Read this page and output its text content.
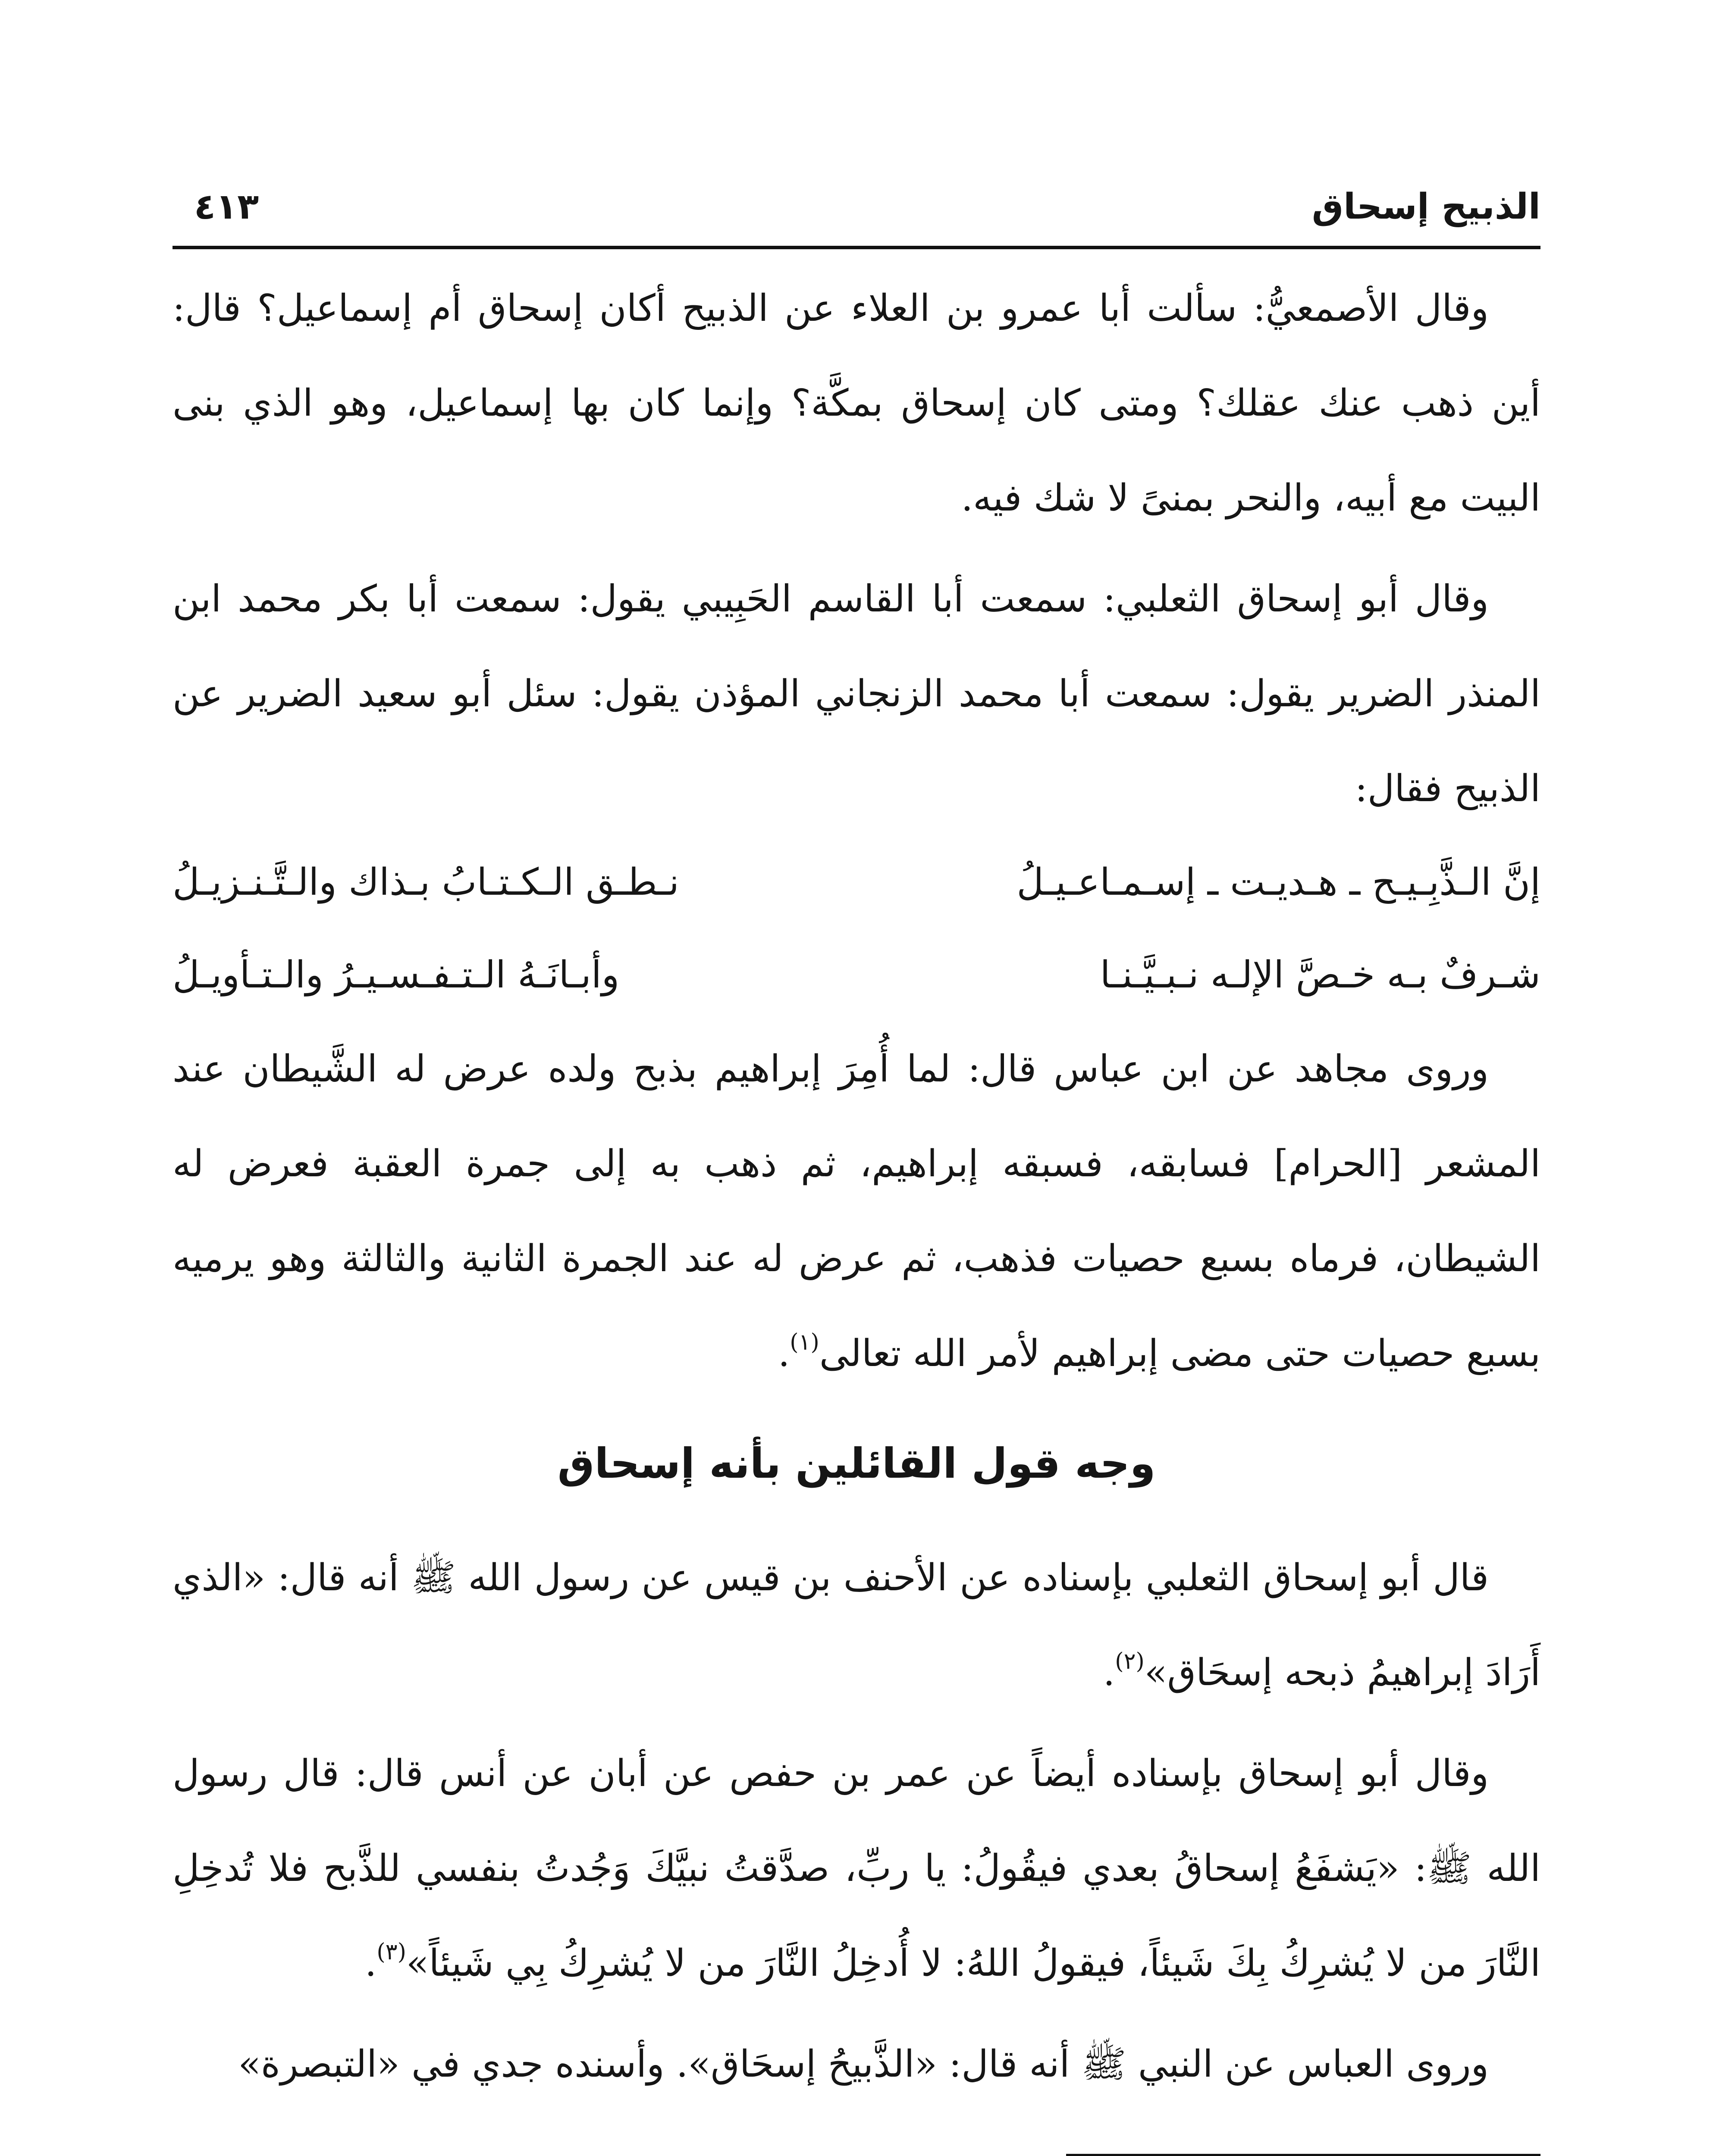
الذبيح إسحاق
٤١٣

وقال الأصمعيُّ: سألت أبا عمرو بن العلاء عن الذبيح أكان إسحاق أم إسماعيل؟ قال: أين ذهب عنك عقلك؟ ومتى كان إسحاق بمكَّة؟ وإنما كان بها إسماعيل، وهو الذي بنى البيت مع أبيه، والنحر بمنىً لا شك فيه.

وقال أبو إسحاق الثعلبي: سمعت أبا القاسم الحَبِيبي يقول: سمعت أبا بكر محمد ابن المنذر الضرير يقول: سمعت أبا محمد الزنجاني المؤذن يقول: سئل أبو سعيد الضرير عن الذبيح فقال:

إنَّ الـذَّبِـيـح ـ هـديـت ـ إسـمـاعـيـلُ
نـطـق الـكـتـابُ بـذاك والـتَّـنـزيـلُ
شـرفٌ بـه خـصَّ الإلـه نـبـيَّـنـا
وأبـانَـهُ الـتـفـسـيـرُ والـتـأويـلُ

وروى مجاهد عن ابن عباس قال: لما أُمِرَ إبراهيم بذبح ولده عرض له الشَّيطان عند المشعر [الحرام] فسابقه، فسبقه إبراهيم، ثم ذهب به إلى جمرة العقبة فعرض له الشيطان، فرماه بسبع حصيات فذهب، ثم عرض له عند الجمرة الثانية والثالثة وهو يرميه بسبع حصيات حتى مضى إبراهيم لأمر الله تعالى$^{(١)}$.

وجه قول القائلين بأنه إسحاق

قال أبو إسحاق الثعلبي بإسناده عن الأحنف بن قيس عن رسول الله ﷺ أنه قال: «الذي أَرَادَ إبراهيمُ ذبحه إسحَاق»$^{(٢)}$.

وقال أبو إسحاق بإسناده أيضاً عن عمر بن حفص عن أبان عن أنس قال: قال رسول الله ﷺ: «يَشفَعُ إسحاقُ بعدي فيقُولُ: يا ربِّ، صدَّقتُ نبيَّكَ وَجُدتُ بنفسي للذَّبح فلا تُدخِلِ النَّارَ من لا يُشرِكُ بِكَ شَيئاً، فيقولُ اللهُ: لا أُدخِلُ النَّارَ من لا يُشرِكُ بِي شَيئاً»$^{(٣)}$.

وروى العباس عن النبي ﷺ أنه قال: «الذَّبيحُ إسحَاق». وأسنده جدي في «التبصرة»
